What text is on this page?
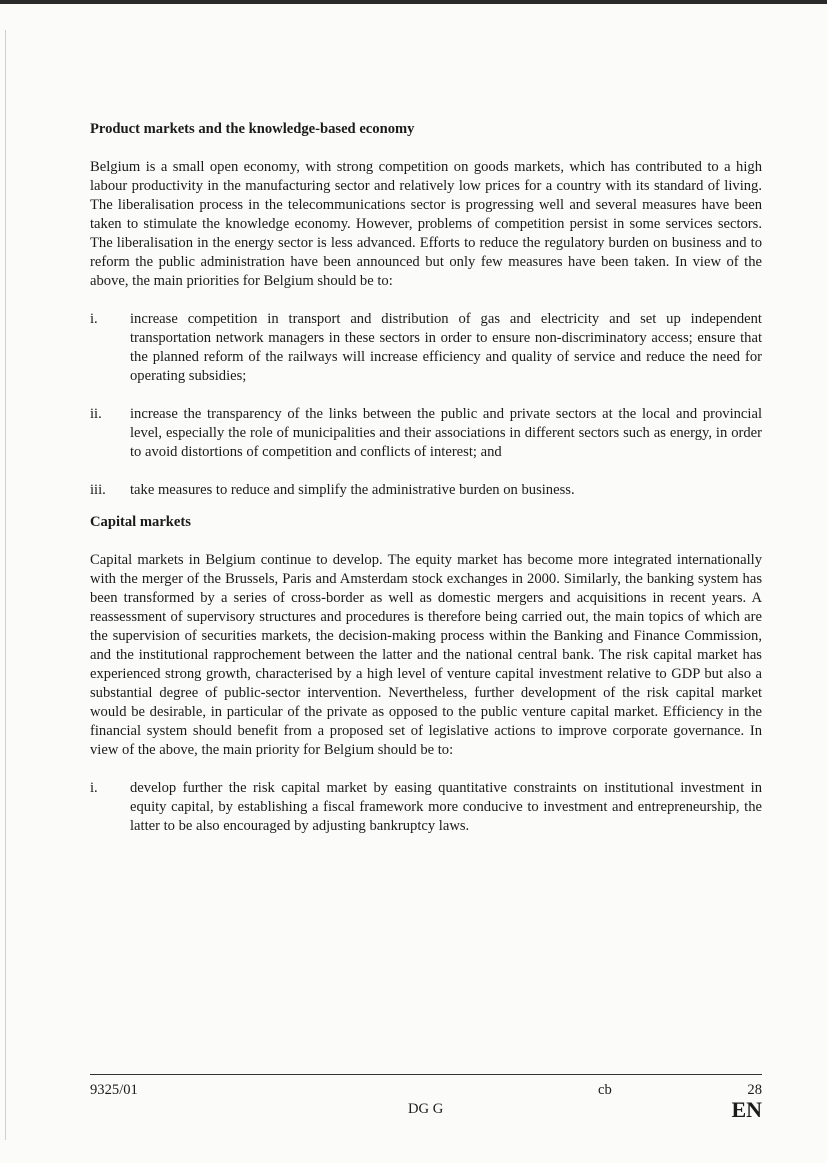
Product markets and the knowledge-based economy

Belgium is a small open economy, with strong competition on goods markets, which has contributed to a high labour productivity in the manufacturing sector and relatively low prices for a country with its standard of living. The liberalisation process in the telecommunications sector is progressing well and several measures have been taken to stimulate the knowledge economy. However, problems of competition persist in some services sectors. The liberalisation in the energy sector is less advanced. Efforts to reduce the regulatory burden on business and to reform the public administration have been announced but only few measures have been taken. In view of the above, the main priorities for Belgium should be to:

i. increase competition in transport and distribution of gas and electricity and set up independent transportation network managers in these sectors in order to ensure non-discriminatory access; ensure that the planned reform of the railways will increase efficiency and quality of service and reduce the need for operating subsidies;
ii. increase the transparency of the links between the public and private sectors at the local and provincial level, especially the role of municipalities and their associations in different sectors such as energy, in order to avoid distortions of competition and conflicts of interest; and
iii. take measures to reduce and simplify the administrative burden on business.
Capital markets

Capital markets in Belgium continue to develop. The equity market has become more integrated internationally with the merger of the Brussels, Paris and Amsterdam stock exchanges in 2000. Similarly, the banking system has been transformed by a series of cross-border as well as domestic mergers and acquisitions in recent years. A reassessment of supervisory structures and procedures is therefore being carried out, the main topics of which are the supervision of securities markets, the decision-making process within the Banking and Finance Commission, and the institutional rapprochement between the latter and the national central bank. The risk capital market has experienced strong growth, characterised by a high level of venture capital investment relative to GDP but also a substantial degree of public-sector intervention. Nevertheless, further development of the risk capital market would be desirable, in particular of the private as opposed to the public venture capital market. Efficiency in the financial system should benefit from a proposed set of legislative actions to improve corporate governance. In view of the above, the main priority for Belgium should be to:

i. develop further the risk capital market by easing quantitative constraints on institutional investment in equity capital, by establishing a fiscal framework more conducive to investment and entrepreneurship, the latter to be also encouraged by adjusting bankruptcy laws.
9325/01	cb	28
DG G	EN
